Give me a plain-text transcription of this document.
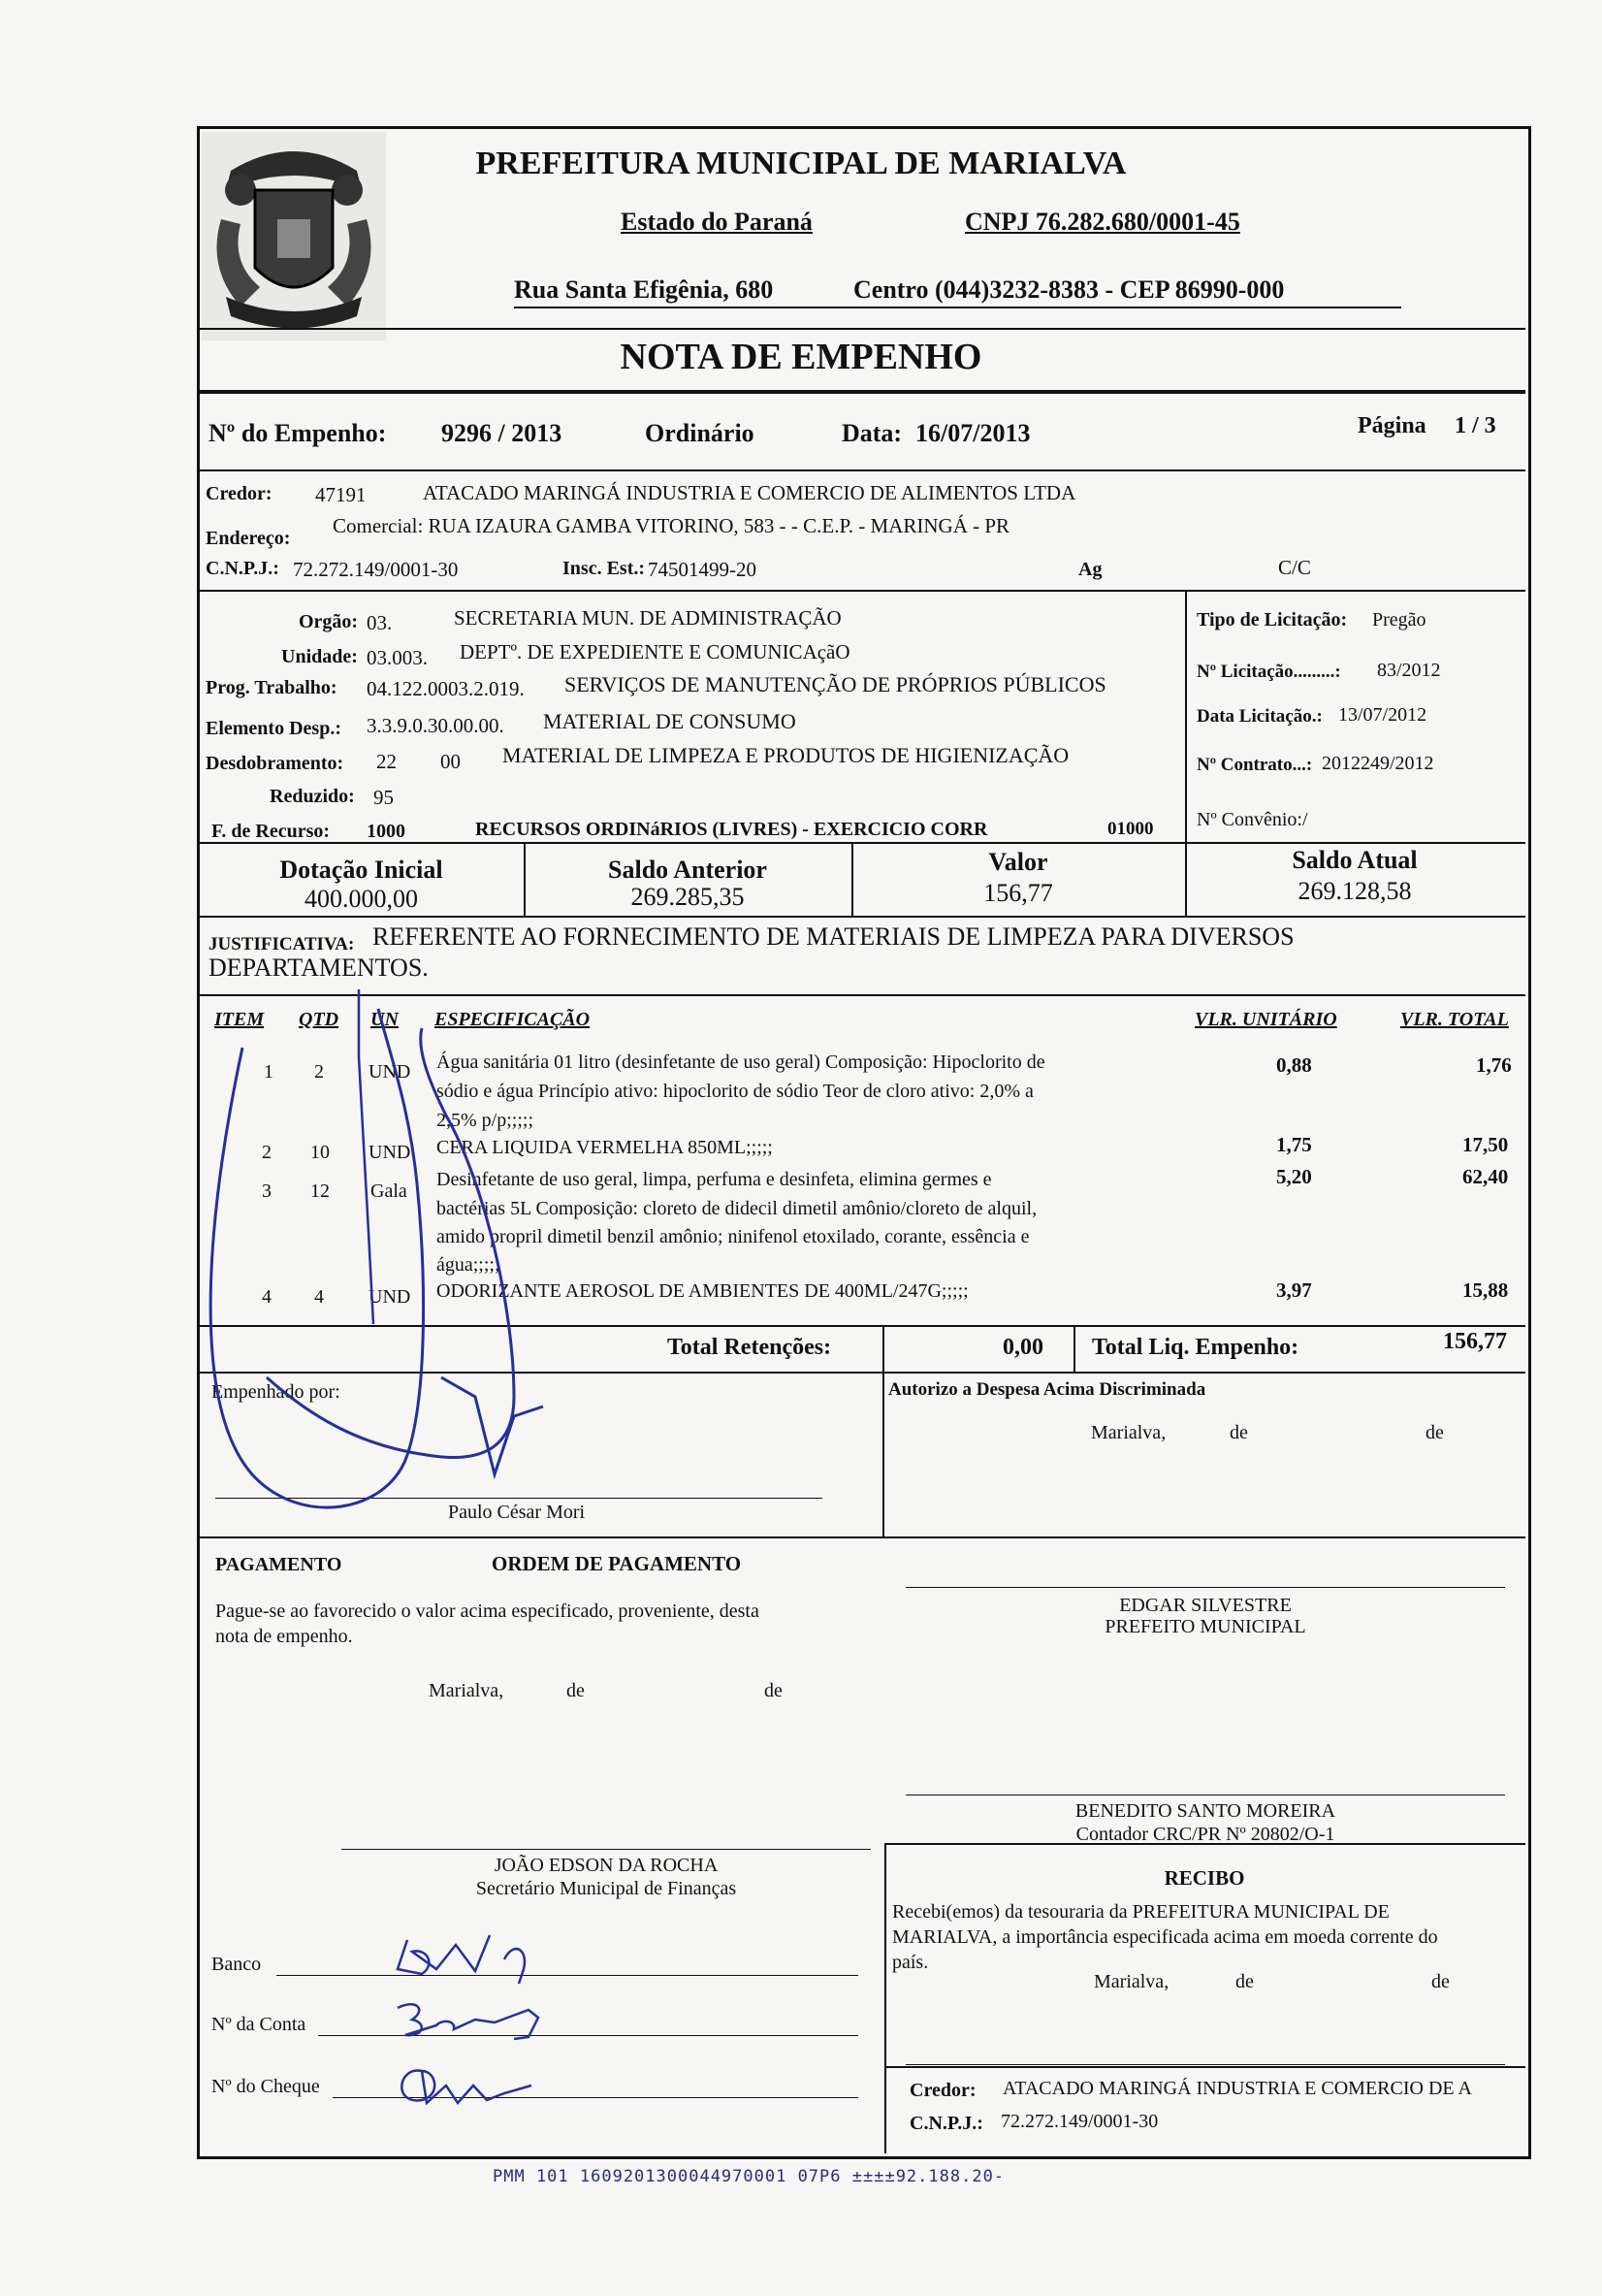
PREFEITURA MUNICIPAL DE MARIALVA
Estado do Paraná	CNPJ 76.282.680/0001-45
Rua Santa Efigênia, 680	Centro (044)3232-8383 - CEP 86990-000
NOTA DE EMPENHO
Nº do Empenho: 9296 / 2013	Ordinário	Data: 16/07/2013	Página 1 / 3
Credor: 47191	ATACADO MARINGÁ INDUSTRIA E COMERCIO DE ALIMENTOS LTDA
Endereço:
Comercial: RUA IZAURA GAMBA VITORINO, 583 - - C.E.P. - MARINGÁ - PR
C.N.P.J.: 72.272.149/0001-30	Insc. Est.: 74501499-20	Ag	C/C
Orgão: 03.	SECRETARIA MUN. DE ADMINISTRAÇÃO
Unidade: 03.003. DEPTº. DE EXPEDIENTE E COMUNICAçãO
Prog. Trabalho: 04.122.0003.2.019. SERVIÇOS DE MANUTENÇÃO DE PRÓPRIOS PÚBLICOS
Elemento Desp.: 3.3.9.0.30.00.00. MATERIAL DE CONSUMO
Desdobramento: 22 00 MATERIAL DE LIMPEZA E PRODUTOS DE HIGIENIZAÇÃO
Reduzido: 95
F. de Recurso: 1000	RECURSOS ORDINáRIOS (LIVRES) - EXERCICIO CORR	01000
Tipo de Licitação: Pregão
Nº Licitação.........: 83/2012
Data Licitação.: 13/07/2012
Nº Contrato...: 2012249/2012
Nº Convênio:/
Dotação Inicial
400.000,00
Saldo Anterior
269.285,35
Valor
156,77
Saldo Atual
269.128,58
JUSTIFICATIVA: REFERENTE AO FORNECIMENTO DE MATERIAIS DE LIMPEZA PARA DIVERSOS
DEPARTAMENTOS.
ITEM QTD UN ESPECIFICAÇÃO	VLR. UNITÁRIO	VLR. TOTAL
1 2 UND Água sanitária 01 litro (desinfetante de uso geral) Composição: Hipoclorito de
sódio e água Princípio ativo: hipoclorito de sódio Teor de cloro ativo: 2,0% a
2,5% p/p;;;;;
0,88	1,76
2 10 UND CERA LIQUIDA VERMELHA 850ML;;;;;	1,75	17,50
3 12 Gala
Desinfetante de uso geral, limpa, perfuma e desinfeta, elimina germes e
bactérias 5L Composição: cloreto de didecil dimetil amônio/cloreto de alquil,
amido propril dimetil benzil amônio; ninifenol etoxilado, corante, essência e
água;;;;;
5,20	62,40
4 4 UND ODORIZANTE AEROSOL DE AMBIENTES DE 400ML/247G;;;;;	3,97	15,88
Total Retenções:	0,00 Total Liq. Empenho:	156,77
Empenhado por:
Paulo César Mori
Autorizo a Despesa Acima Discriminada
Marialva,	de	de
PAGAMENTO	ORDEM DE PAGAMENTO
Pague-se ao favorecido o valor acima especificado, proveniente, desta
nota de empenho.
Marialva,	de	de
EDGAR SILVESTRE
PREFEITO MUNICIPAL
BENEDITO SANTO MOREIRA
Contador CRC/PR Nº 20802/O-1
JOÃO EDSON DA ROCHA
Secretário Municipal de Finanças	RECIBO
Recebi(emos) da tesouraria da PREFEITURA MUNICIPAL DE
MARIALVA, a importância especificada acima em moeda corrente do
país.
Marialva,	de	de
Credor: ATACADO MARINGÁ INDUSTRIA E COMERCIO DE A
C.N.P.J.: 72.272.149/0001-30
Banco
Nº da Conta
Nº do Cheque
PMM 101 1609201300044970001 07P6 ±±±±92.188.20-
